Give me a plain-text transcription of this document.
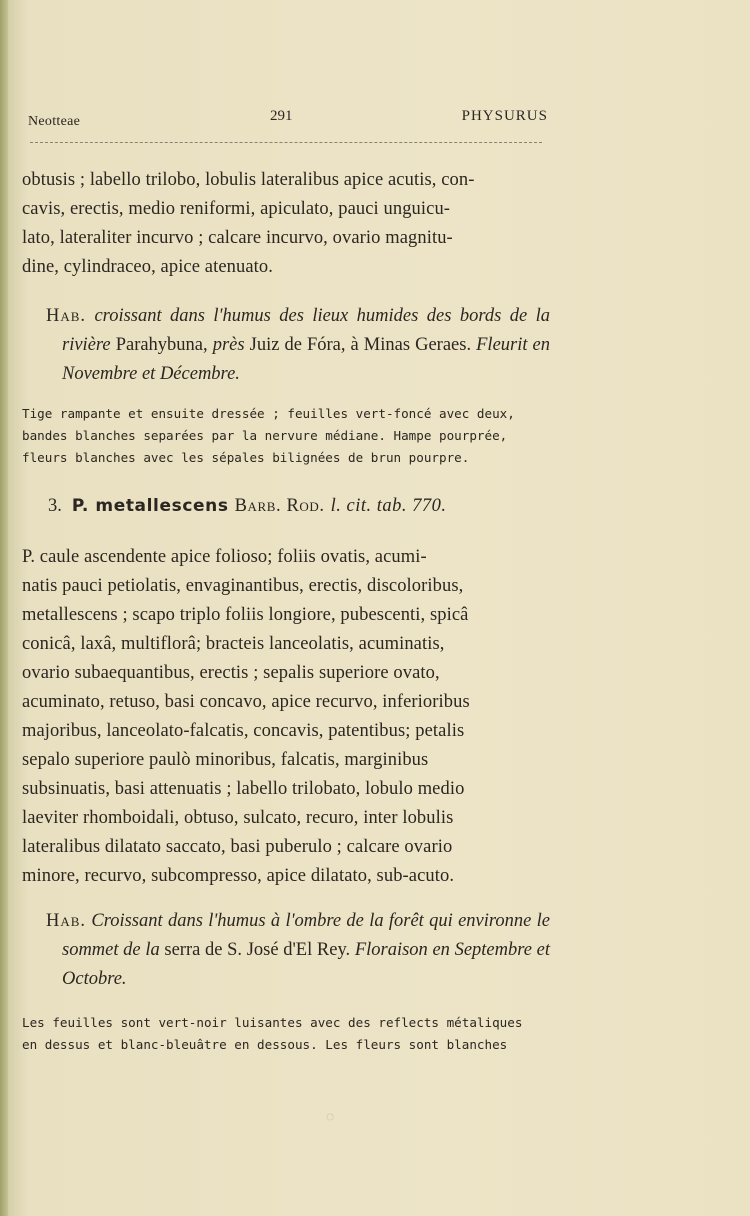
Neotteae	291	PHYSURUS

obtusis ; labello trilobo, lobulis lateralibus apice acutis, con-

cavis, erectis, medio reniformi, apiculato, pauci unguicu-

lato, lateraliter incurvo ; calcare incurvo, ovario magnitu-

dine, cylindraceo, apice atenuato.

Hab. croissant dans l'humus des lieux humides des bords de la rivière Parahybuna, près Juiz de Fóra, à Minas Geraes. Fleurit en Novembre et Décembre.

Tige rampante et ensuite dressée ; feuilles vert-foncé avec deux,

bandes blanches separées par la nervure médiane. Hampe pourprée,

fleurs blanches avec les sépales bilignées de brun pourpre.

3. P. metallescens Barb. Rod. l. cit. tab. 770.

P. caule ascendente apice folioso; foliis ovatis, acumi-

natis pauci petiolatis, envaginantibus, erectis, discoloribus,

metallescens ; scapo triplo foliis longiore, pubescenti, spicâ

conicâ, laxâ, multiflorâ; bracteis lanceolatis, acuminatis,

ovario subaequantibus, erectis ; sepalis superiore ovato,

acuminato, retuso, basi concavo, apice recurvo, inferioribus

majoribus, lanceolato-falcatis, concavis, patentibus; petalis

sepalo superiore paulò minoribus, falcatis, marginibus

subsinuatis, basi attenuatis ; labello trilobato, lobulo medio

laeviter rhomboidali, obtuso, sulcato, recuro, inter lobulis

lateralibus dilatato saccato, basi puberulo ; calcare ovario

minore, recurvo, subcompresso, apice dilatato, sub-acuto.

Hab. Croissant dans l'humus à l'ombre de la forêt qui environne le sommet de la serra de S. José d'El Rey. Floraison en Septembre et Octobre.

Les feuilles sont vert-noir luisantes avec des reflects métaliques

en dessus et blanc-bleuâtre en dessous. Les fleurs sont blanches

◌
